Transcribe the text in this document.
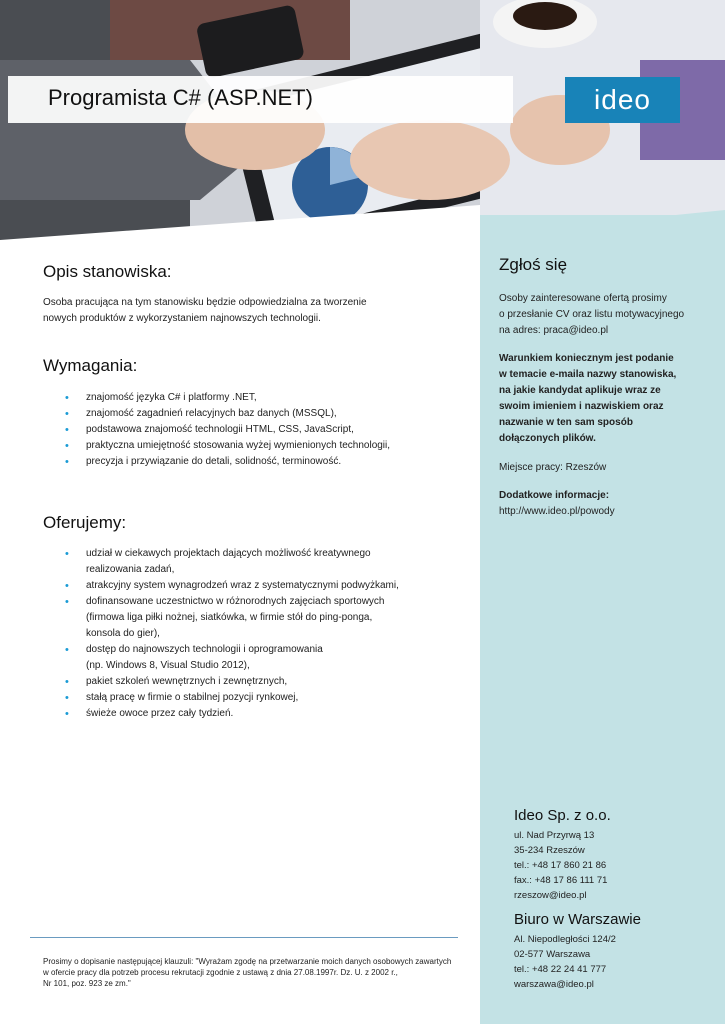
Programista C# (ASP.NET)	ideo
Opis stanowiska:

Osoba pracująca na tym stanowisku będzie odpowiedzialna za tworzenie

nowych produktów z wykorzystaniem najnowszych technologii.

Wymagania:
• znajomość języka C# i platformy .NET,
• znajomość zagadnień relacyjnych baz danych (MSSQL),
• podstawowa znajomość technologii HTML, CSS, JavaScript,
• praktyczna umiejętność stosowania wyżej wymienionych technologii,
• precyzja i przywiązanie do detali, solidność, terminowość.
Oferujemy:
• udział w ciekawych projektach dających możliwość kreatywnego
realizowania zadań,
• atrakcyjny system wynagrodzeń wraz z systematycznymi podwyżkami,
• dofinansowane uczestnictwo w różnorodnych zajęciach sportowych
(firmowa liga piłki nożnej, siatkówka, w firmie stół do ping-ponga,
konsola do gier),
• dostęp do najnowszych technologii i oprogramowania
(np. Windows 8, Visual Studio 2012),
• pakiet szkoleń wewnętrznych i zewnętrznych,
• stałą pracę w firmie o stabilnej pozycji rynkowej,
• świeże owoce przez cały tydzień.
Zgłoś się

Osoby zainteresowane ofertą prosimy

o przesłanie CV oraz listu motywacyjnego

na adres: praca@ideo.pl

Warunkiem koniecznym jest podanie

w temacie e-maila nazwy stanowiska,

na jakie kandydat aplikuje wraz ze

swoim imieniem i nazwiskiem oraz

nazwanie w ten sam sposób

dołączonych plików.

Miejsce pracy: Rzeszów

Dodatkowe informacje:

http://www.ideo.pl/powody

Ideo Sp. z o.o.
ul. Nad Przyrwą 13
35-234 Rzeszów
tel.: +48 17 860 21 86
fax.: +48 17 86 111 71
rzeszow@ideo.pl
Biuro w Warszawie
Al. Niepodległości 124/2
02-577 Warszawa
tel.: +48 22 24 41 777
warszawa@ideo.pl
Prosimy o dopisanie następującej klauzuli: "Wyrażam zgodę na przetwarzanie moich danych osobowych zawartych
w ofercie pracy dla potrzeb procesu rekrutacji zgodnie z ustawą z dnia 27.08.1997r. Dz. U. z 2002 r.,
Nr 101, poz. 923 ze zm."
